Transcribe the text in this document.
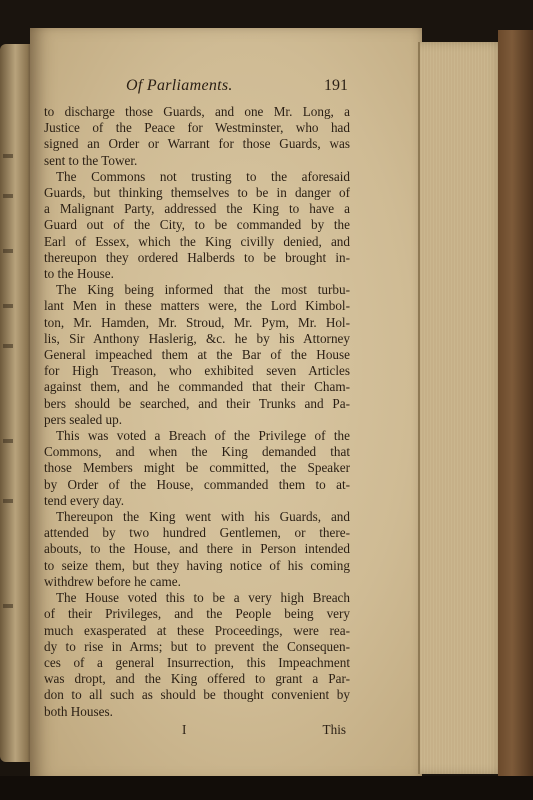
Of Parliaments.	191
to discharge those Guards, and one Mr. Long, a
Justice of the Peace for Westminster, who had
signed an Order or Warrant for those Guards, was
sent to the Tower.
The Commons not trusting to the aforesaid
Guards, but thinking themselves to be in danger of
a Malignant Party, addressed the King to have a
Guard out of the City, to be commanded by the
Earl of Essex, which the King civilly denied, and
thereupon they ordered Halberds to be brought in-
to the House.
The King being informed that the most turbu-
lant Men in these matters were, the Lord Kimbol-
ton, Mr. Hamden, Mr. Stroud, Mr. Pym, Mr. Hol-
lis, Sir Anthony Haslerig, &c. he by his Attorney
General impeached them at the Bar of the House
for High Treason, who exhibited seven Articles
against them, and he commanded that their Cham-
bers should be searched, and their Trunks and Pa-
pers sealed up.
This was voted a Breach of the Privilege of the
Commons, and when the King demanded that
those Members might be committed, the Speaker
by Order of the House, commanded them to at-
tend every day.
Thereupon the King went with his Guards, and
attended by two hundred Gentlemen, or there-
abouts, to the House, and there in Person intended
to seize them, but they having notice of his coming
withdrew before he came.
The House voted this to be a very high Breach
of their Privileges, and the People being very
much exasperated at these Proceedings, were rea-
dy to rise in Arms; but to prevent the Consequen-
ces of a general Insurrection, this Impeachment
was dropt, and the King offered to grant a Par-
don to all such as should be thought convenient by
both Houses.
I	This
